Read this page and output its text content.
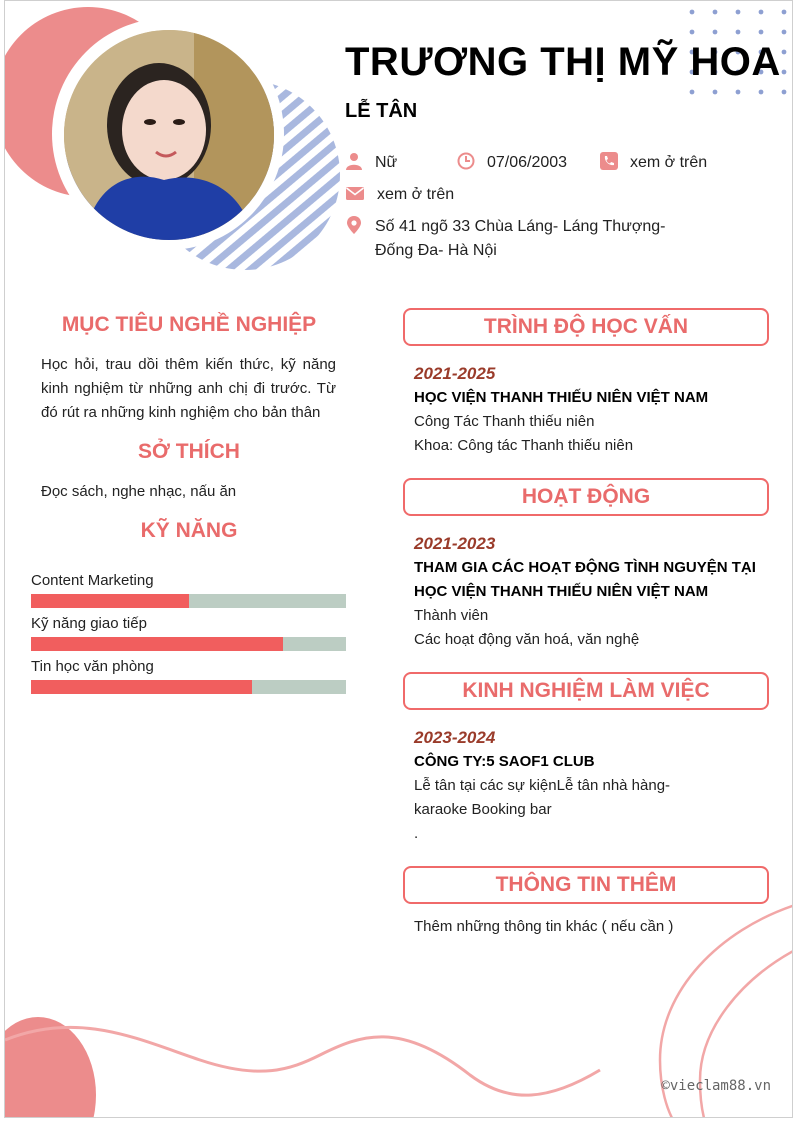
TRƯƠNG THỊ MỸ HOA
LỄ TÂN
Nữ	07/06/2003	xem ở trên
xem ở trên
Số 41 ngõ 33 Chùa Láng- Láng Thượng-
Đống Đa- Hà Nội
MỤC TIÊU NGHỀ NGHIỆP
Học hỏi, trau dồi thêm kiến thức, kỹ năng kinh nghiệm từ những anh chị đi trước. Từ đó rút ra những kinh nghiệm cho bản thân
SỞ THÍCH
Đọc sách, nghe nhạc, nấu ăn
KỸ NĂNG
Content Marketing
Kỹ năng giao tiếp
Tin học văn phòng
TRÌNH ĐỘ HỌC VẤN
2021-2025
HỌC VIỆN THANH THIẾU NIÊN VIỆT NAM
Công Tác Thanh thiếu niên
Khoa: Công tác Thanh thiếu niên
HOẠT ĐỘNG
2021-2023
THAM GIA CÁC HOẠT ĐỘNG TÌNH NGUYỆN TẠI
HỌC VIỆN THANH THIẾU NIÊN VIỆT NAM
Thành viên
Các hoạt động văn hoá, văn nghệ
KINH NGHIỆM LÀM VIỆC
2023-2024
CÔNG TY:5 SAOF1 CLUB
Lễ tân tại các sự kiệnLễ tân nhà hàng-
karaoke Booking bar
.
THÔNG TIN THÊM
Thêm những thông tin khác ( nếu cần )
©vieclam88.vn
